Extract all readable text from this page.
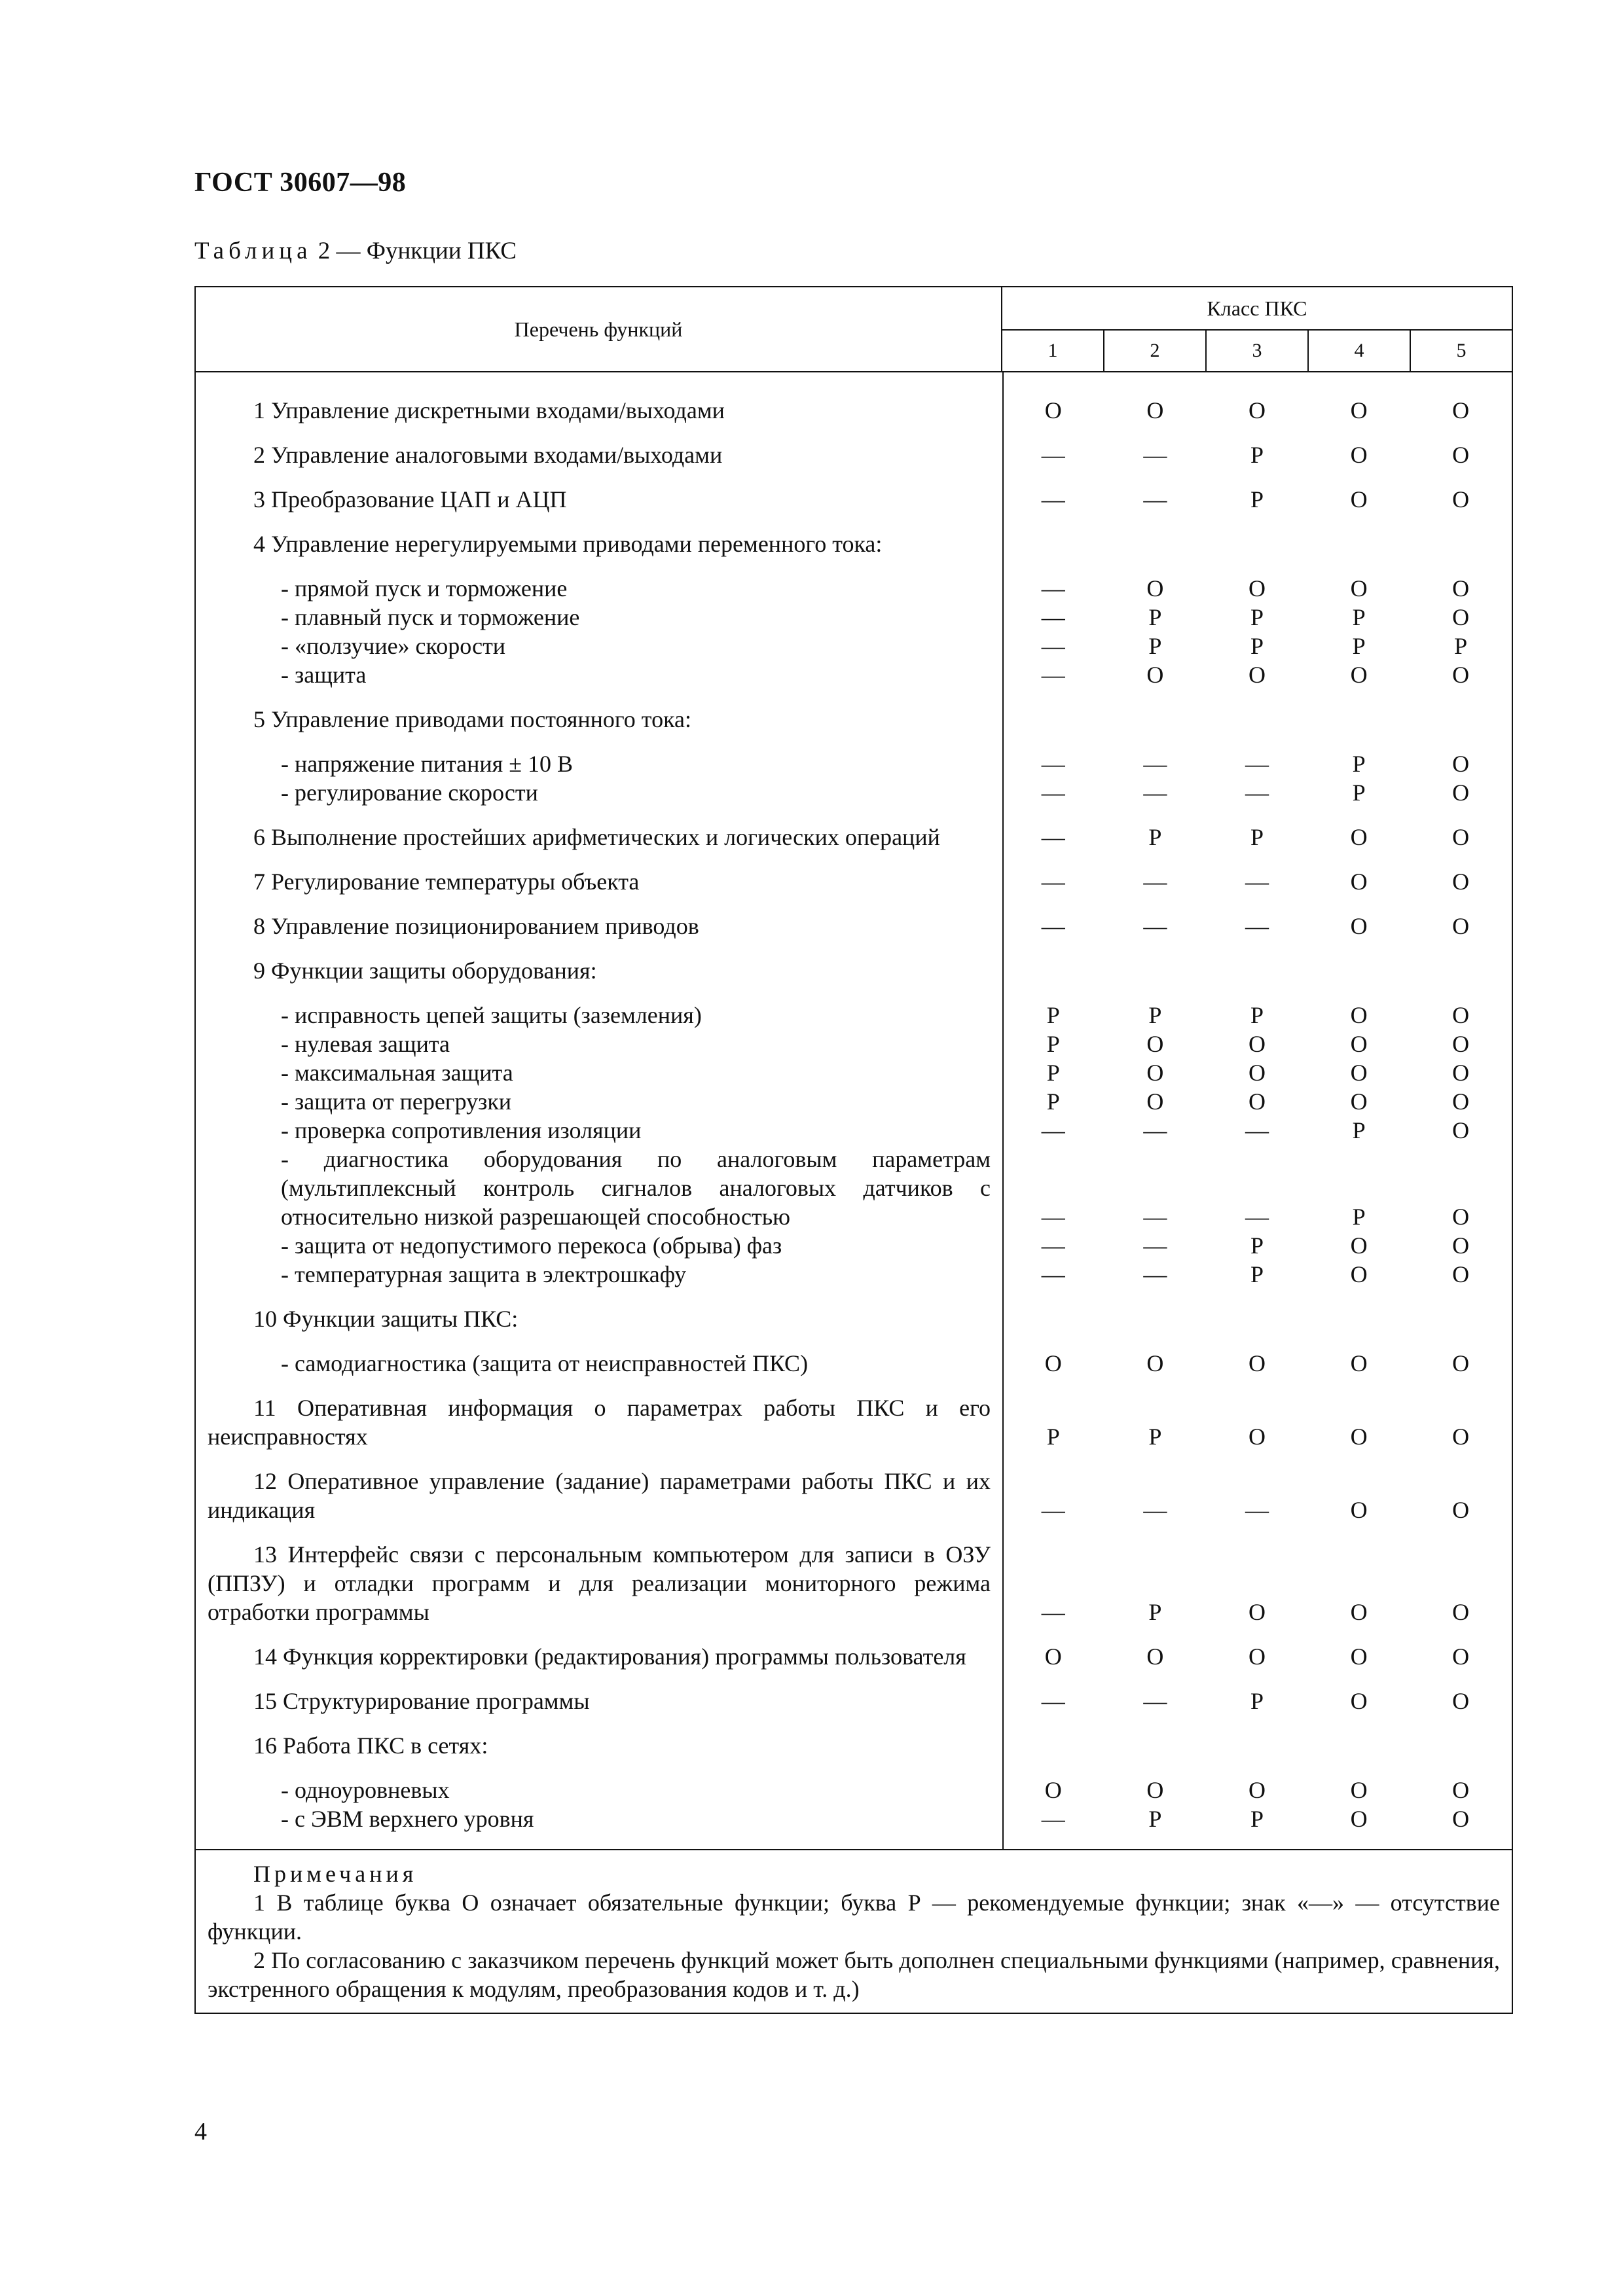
ГОСТ 30607—98
Таблица 2 — Функции ПКС
Перечень функций
Класс ПКС
1	2	3	4	5
1 Управление дискретными входами/выходами	О	О	О	О	О
2 Управление аналоговыми входами/выходами	—	—	Р	О	О
3 Преобразование ЦАП и АЦП	—	—	Р	О	О
4 Управление нерегулируемыми приводами переменного тока:
- прямой пуск и торможение	—	О	О	О	О
- плавный пуск и торможение	—	Р	Р	Р	О
- «ползучие» скорости	—	Р	Р	Р	Р
- защита	—	О	О	О	О
5 Управление приводами постоянного тока:
- напряжение питания ± 10 В	—	—	—	Р	О
- регулирование скорости	—	—	—	Р	О
6 Выполнение простейших арифметических и логических операций	—	Р	Р	О	О
7 Регулирование температуры объекта	—	—	—	О	О
8 Управление позиционированием приводов	—	—	—	О	О
9 Функции защиты оборудования:
- исправность цепей защиты (заземления)	Р	Р	Р	О	О
- нулевая защита	Р	О	О	О	О
- максимальная защита	Р	О	О	О	О
- защита от перегрузки	Р	О	О	О	О
- проверка сопротивления изоляции	—	—	—	Р	О
- диагностика оборудования по аналоговым параметрам (мультиплексный контроль сигналов аналоговых датчиков с относительно низкой разрешающей способностью	—	—	—	Р	О
- защита от недопустимого перекоса (обрыва) фаз	—	—	Р	О	О
- температурная защита в электрошкафу	—	—	Р	О	О
10 Функции защиты ПКС:
- самодиагностика (защита от неисправностей ПКС)	О	О	О	О	О
11 Оперативная информация о параметрах работы ПКС и его неисправностях	Р	Р	О	О	О
12 Оперативное управление (задание) параметрами работы ПКС и их индикация	—	—	—	О	О
13 Интерфейс связи с персональным компьютером для записи в ОЗУ (ППЗУ) и отладки программ и для реализации мониторного режима отработки программы	—	Р	О	О	О
14 Функция корректировки (редактирования) программы пользователя	О	О	О	О	О
15 Структурирование программы	—	—	Р	О	О
16 Работа ПКС в сетях:
- одноуровневых	О	О	О	О	О
- с ЭВМ верхнего уровня	—	Р	Р	О	О
Примечания

1 В таблице буква О означает обязательные функции; буква Р — рекомендуемые функции; знак «—» — отсутствие функции.

2 По согласованию с заказчиком перечень функций может быть дополнен специальными функциями (например, сравнения, экстренного обращения к модулям, преобразования кодов и т. д.)

4
